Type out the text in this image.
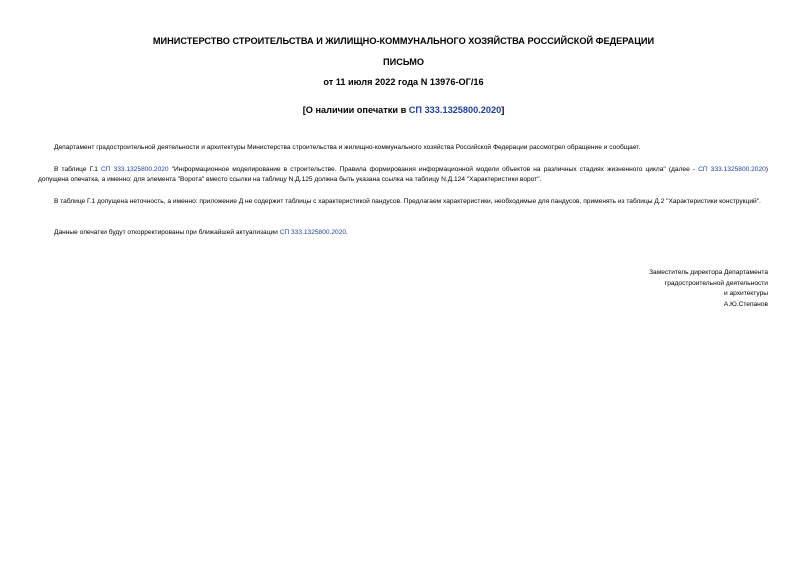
МИНИСТЕРСТВО СТРОИТЕЛЬСТВА И ЖИЛИЩНО-КОММУНАЛЬНОГО ХОЗЯЙСТВА РОССИЙСКОЙ ФЕДЕРАЦИИ
ПИСЬМО
от 11 июля 2022 года N 13976-ОГ/16
[О наличии опечатки в СП 333.1325800.2020]
Департамент градостроительной деятельности и архитектуры Министерства строительства и жилищно-коммунального хозяйства Российской Федерации рассмотрел обращение и сообщает.
В таблице Г.1 СП 333.1325800.2020 "Информационное моделирование в строительстве. Правила формирования информационной модели объектов на различных стадиях жизненного цикла" (далее - СП 333.1325800.2020) допущена опечатка, а именно: для элемента "Ворота" вместо ссылки на таблицу N.Д.125 должна быть указана ссылка на таблицу N.Д.124 "Характеристики ворот".
В таблице Г.1 допущена неточность, а именно: приложение Д не содержит таблицы с характеристикой пандусов. Предлагаем характеристики, необходимые для пандусов, применять из таблицы Д.2 "Характеристики конструкций".
Данные опечатки будут откорректированы при ближайшей актуализации СП 333.1325800.2020.
Заместитель директора Департамента
градостроительной деятельности
и архитектуры
А.Ю.Степанов
